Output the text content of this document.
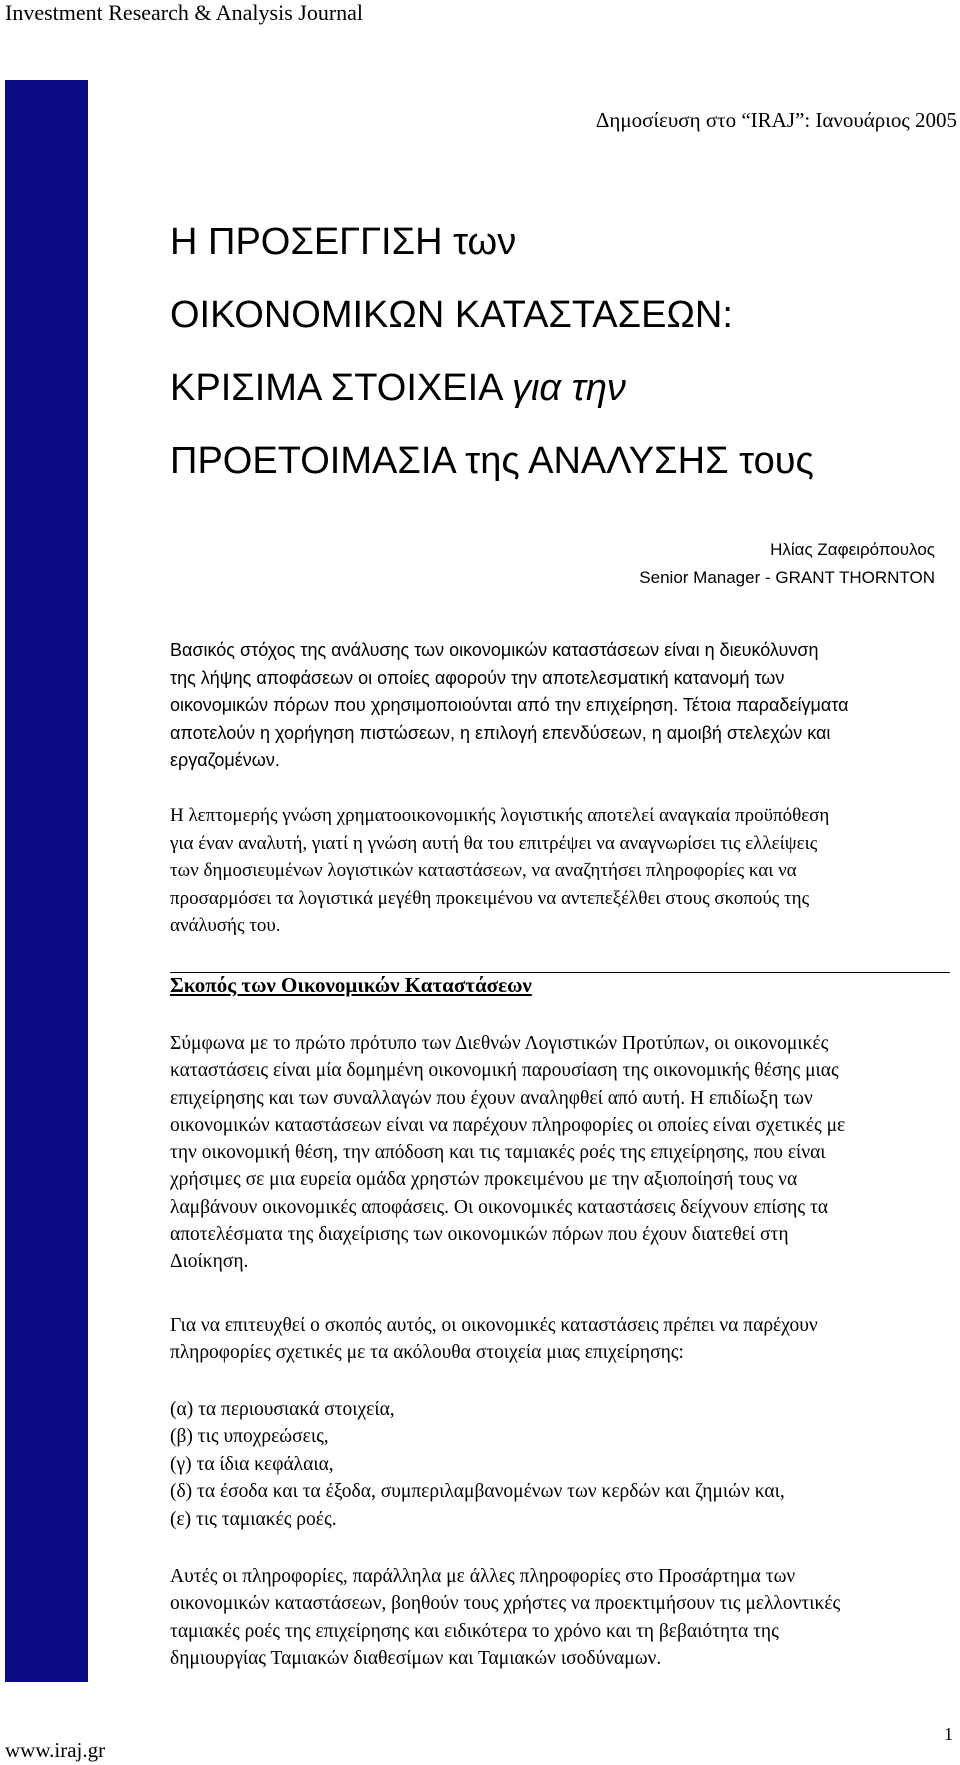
Investment Research & Analysis Journal
Δημοσίευση στο “IRAJ”: Ιανουάριος 2005
Η ΠΡΟΣΕΓΓΙΣΗ των
ΟΙΚΟΝΟΜΙΚΩΝ ΚΑΤΑΣΤΑΣΕΩΝ:
ΚΡΙΣΙΜΑ ΣΤΟΙΧΕΙΑ για την
ΠΡΟΕΤΟΙΜΑΣΙΑ της ΑΝΑΛΥΣΗΣ τους
Ηλίας Ζαφειρόπουλος
Senior Manager - GRANT THORNTON
Βασικός στόχος της ανάλυσης των οικονομικών καταστάσεων είναι η διευκόλυνση
της λήψης αποφάσεων οι οποίες αφορούν την αποτελεσματική κατανομή των
οικονομικών πόρων που χρησιμοποιούνται από την επιχείρηση. Τέτοια παραδείγματα
αποτελούν η χορήγηση πιστώσεων, η επιλογή επενδύσεων, η αμοιβή στελεχών και
εργαζομένων.
Η λεπτομερής γνώση χρηματοοικονομικής λογιστικής αποτελεί αναγκαία προϋπόθεση
για έναν αναλυτή, γιατί η γνώση αυτή θα του επιτρέψει να αναγνωρίσει τις ελλείψεις
των δημοσιευμένων λογιστικών καταστάσεων, να αναζητήσει πληροφορίες και να
προσαρμόσει τα λογιστικά μεγέθη προκειμένου να αντεπεξέλθει στους σκοπούς της
ανάλυσής του.
Σκοπός των Οικονομικών Καταστάσεων
Σύμφωνα με το πρώτο πρότυπο των Διεθνών Λογιστικών Προτύπων, οι οικονομικές
καταστάσεις είναι μία δομημένη οικονομική παρουσίαση της οικονομικής θέσης μιας
επιχείρησης και των συναλλαγών που έχουν αναληφθεί από αυτή. Η επιδίωξη των
οικονομικών καταστάσεων είναι να παρέχουν πληροφορίες οι οποίες είναι σχετικές με
την οικονομική θέση, την απόδοση και τις ταμιακές ροές της επιχείρησης, που είναι
χρήσιμες σε μια ευρεία ομάδα χρηστών προκειμένου με την αξιοποίησή τους να
λαμβάνουν οικονομικές αποφάσεις. Οι οικονομικές καταστάσεις δείχνουν επίσης τα
αποτελέσματα της διαχείρισης των οικονομικών πόρων που έχουν διατεθεί στη
Διοίκηση.
Για να επιτευχθεί ο σκοπός αυτός, οι οικονομικές καταστάσεις πρέπει να παρέχουν
πληροφορίες σχετικές με τα ακόλουθα στοιχεία μιας επιχείρησης:
(α) τα περιουσιακά στοιχεία,
(β) τις υποχρεώσεις,
(γ) τα ίδια κεφάλαια,
(δ) τα έσοδα και τα έξοδα, συμπεριλαμβανομένων των κερδών και ζημιών και,
(ε) τις ταμιακές ροές.
Αυτές οι πληροφορίες, παράλληλα με άλλες πληροφορίες στο Προσάρτημα των
οικονομικών καταστάσεων, βοηθούν τους χρήστες να προεκτιμήσουν τις μελλοντικές
ταμιακές ροές της επιχείρησης και ειδικότερα το χρόνο και τη βεβαιότητα της
δημιουργίας Ταμιακών διαθεσίμων και Ταμιακών ισοδύναμων.
1
www.iraj.gr
